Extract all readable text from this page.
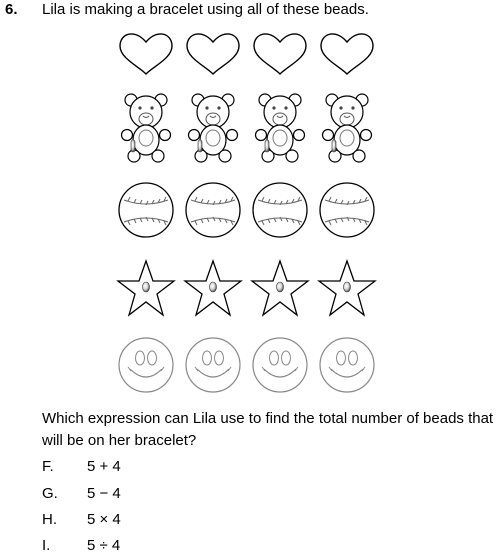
6. Lila is making a bracelet using all of these beads.
Which expression can Lila use to find the total number of beads that will be on her bracelet?
F. 5 + 4
G. 5 − 4
H. 5 × 4
I. 5 ÷ 4
